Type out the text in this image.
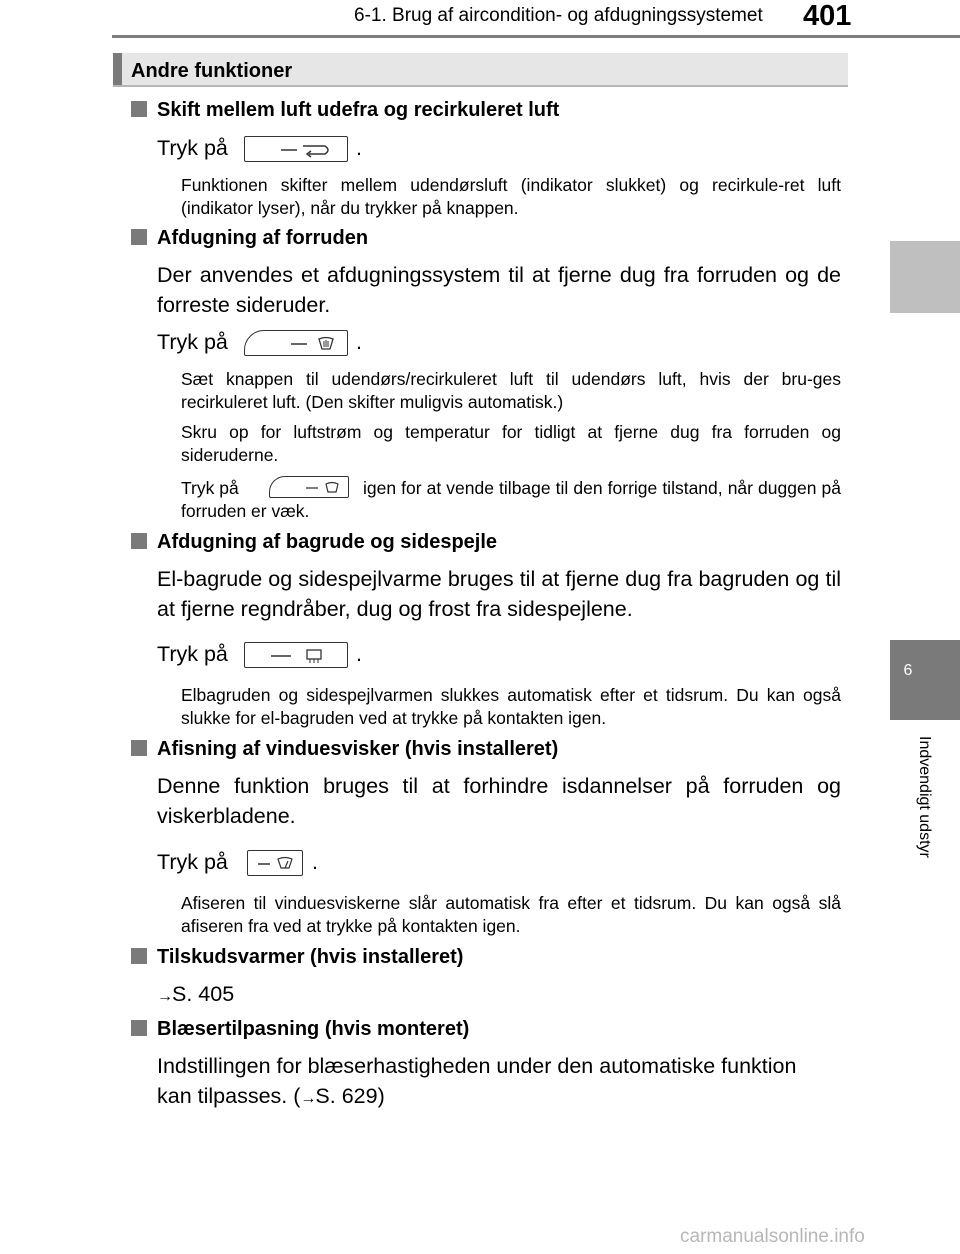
6-1. Brug af aircondition- og afdugningssystemet 401
6
Indvendigt udstyr
Andre funktioner
Skift mellem luft udefra og recirkuleret luft
Tryk på	.
Funktionen skifter mellem udendørsluft (indikator slukket) og recirkule-ret luft (indikator lyser), når du trykker på knappen.
Afdugning af forruden
Der anvendes et afdugningssystem til at fjerne dug fra forruden og de forreste sideruder.
Tryk på	.
Sæt knappen til udendørs/recirkuleret luft til udendørs luft, hvis der bru-ges recirkuleret luft. (Den skifter muligvis automatisk.)
Skru op for luftstrøm og temperatur for tidligt at fjerne dug fra forruden og sideruderne.
Tryk på	igen for at vende tilbage til den forrige tilstand, når duggen på forruden er væk.
Afdugning af bagrude og sidespejle
El-bagrude og sidespejlvarme bruges til at fjerne dug fra bagruden og til at fjerne regndråber, dug og frost fra sidespejlene.
Tryk på	.
Elbagruden og sidespejlvarmen slukkes automatisk efter et tidsrum. Du kan også slukke for el-bagruden ved at trykke på kontakten igen.
Afisning af vinduesvisker (hvis installeret)
Denne funktion bruges til at forhindre isdannelser på forruden og viskerbladene.
Tryk på	.
Afiseren til vinduesviskerne slår automatisk fra efter et tidsrum. Du kan også slå afiseren fra ved at trykke på kontakten igen.
Tilskudsvarmer (hvis installeret)
→S. 405
Blæsertilpasning (hvis monteret)
Indstillingen for blæserhastigheden under den automatiske funktion
kan tilpasses. (→S. 629)
carmanualsonline.info
